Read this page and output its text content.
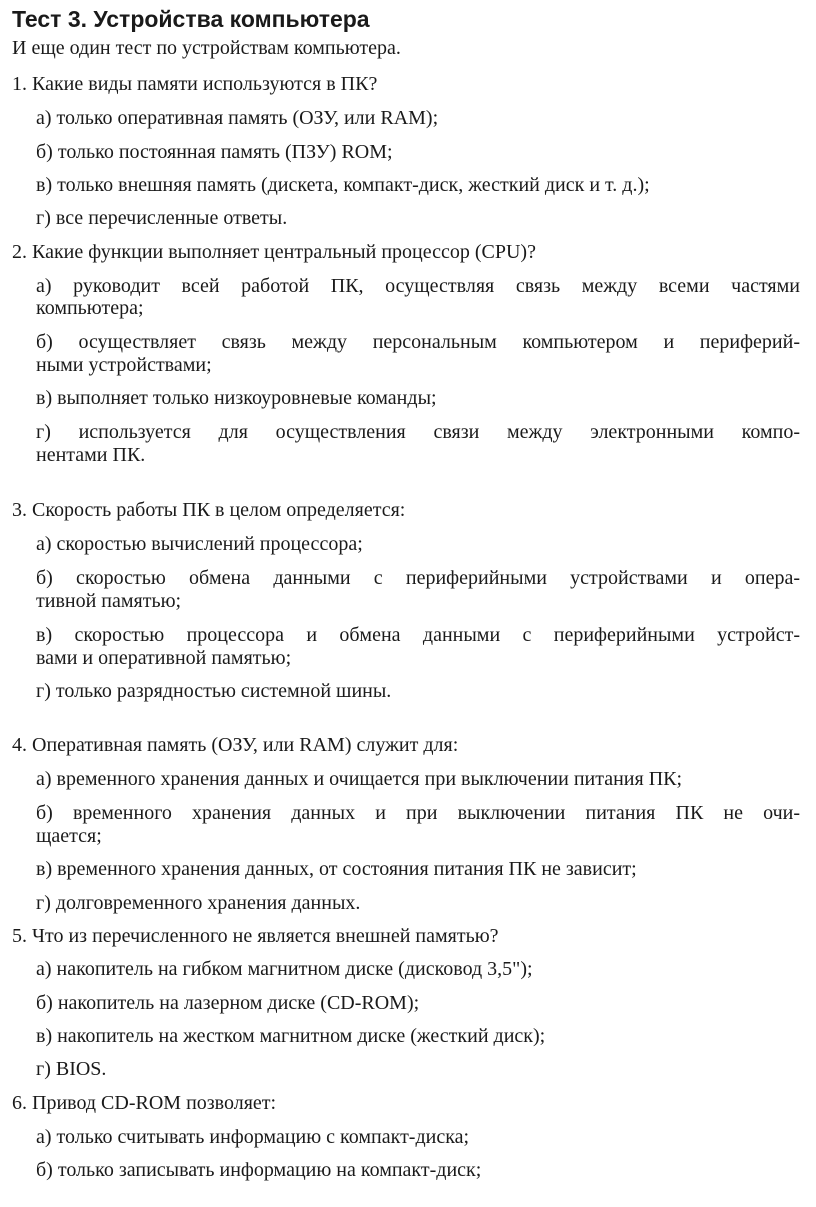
Тест 3. Устройства компьютера
И еще один тест по устройствам компьютера.
1. Какие виды памяти используются в ПК?
а) только оперативная память (ОЗУ, или RAM);
б) только постоянная память (ПЗУ) ROM;
в) только внешняя память (дискета, компакт-диск, жесткий диск и т. д.);
г) все перечисленные ответы.
2. Какие функции выполняет центральный процессор (CPU)?
а) руководит всей работой ПК, осуществляя связь между всеми частями
компьютера;
б) осуществляет связь между персональным компьютером и периферий-
ными устройствами;
в) выполняет только низкоуровневые команды;
г) используется для осуществления связи между электронными компо-
нентами ПК.
3. Скорость работы ПК в целом определяется:
а) скоростью вычислений процессора;
б) скоростью обмена данными с периферийными устройствами и опера-
тивной памятью;
в) скоростью процессора и обмена данными с периферийными устройст-
вами и оперативной памятью;
г) только разрядностью системной шины.
4. Оперативная память (ОЗУ, или RAM) служит для:
а) временного хранения данных и очищается при выключении питания ПК;
б) временного хранения данных и при выключении питания ПК не очи-
щается;
в) временного хранения данных, от состояния питания ПК не зависит;
г) долговременного хранения данных.
5. Что из перечисленного не является внешней памятью?
а) накопитель на гибком магнитном диске (дисковод 3,5");
б) накопитель на лазерном диске (CD-ROM);
в) накопитель на жестком магнитном диске (жесткий диск);
г) BIOS.
6. Привод CD-ROM позволяет:
а) только считывать информацию с компакт-диска;
б) только записывать информацию на компакт-диск;
